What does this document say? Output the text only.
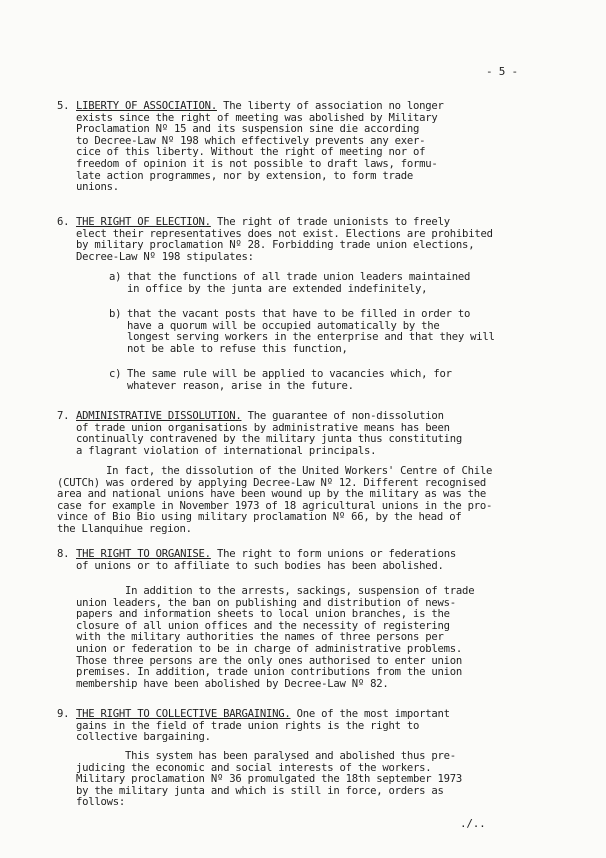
- 5 -
5. LIBERTY OF ASSOCIATION. The liberty of association no longer
exists since the right of meeting was abolished by Military
Proclamation Nº 15 and its suspension sine die according
to Decree-Law Nº 198 which effectively prevents any exer-
cice of this liberty. Without the right of meeting nor of
freedom of opinion it is not possible to draft laws, formu-
late action programmes, nor by extension, to form trade
unions.
6. THE RIGHT OF ELECTION. The right of trade unionists to freely
elect their representatives does not exist. Elections are prohibited
by military proclamation Nº 28. Forbidding trade union elections,
Decree-Law Nº 198 stipulates:
a) that the functions of all trade union leaders maintained
in office by the junta are extended indefinitely,
b) that the vacant posts that have to be filled in order to
have a quorum will be occupied automatically by the
longest serving workers in the enterprise and that they will
not be able to refuse this function,
c) The same rule will be applied to vacancies which, for
whatever reason, arise in the future.
7. ADMINISTRATIVE DISSOLUTION. The guarantee of non-dissolution
of trade union organisations by administrative means has been
continually contravened by the military junta thus constituting
a flagrant violation of international principals.
In fact, the dissolution of the United Workers' Centre of Chile
(CUTCh) was ordered by applying Decree-Law Nº 12. Different recognised
area and national unions have been wound up by the military as was the
case for example in November 1973 of 18 agricultural unions in the pro-
vince of Bio Bio using military proclamation Nº 66, by the head of
the Llanquihue region.
8. THE RIGHT TO ORGANISE. The right to form unions or federations
of unions or to affiliate to such bodies has been abolished.
In addition to the arrests, sackings, suspension of trade
union leaders, the ban on publishing and distribution of news-
papers and information sheets to local union branches, is the
closure of all union offices and the necessity of registering
with the military authorities the names of three persons per
union or federation to be in charge of administrative problems.
Those three persons are the only ones authorised to enter union
premises. In addition, trade union contributions from the union
membership have been abolished by Decree-Law Nº 82.
9. THE RIGHT TO COLLECTIVE BARGAINING. One of the most important
gains in the field of trade union rights is the right to
collective bargaining.
This system has been paralysed and abolished thus pre-
judicing the economic and social interests of the workers.
Military proclamation Nº 36 promulgated the 18th september 1973
by the military junta and which is still in force, orders as
follows:
./..
